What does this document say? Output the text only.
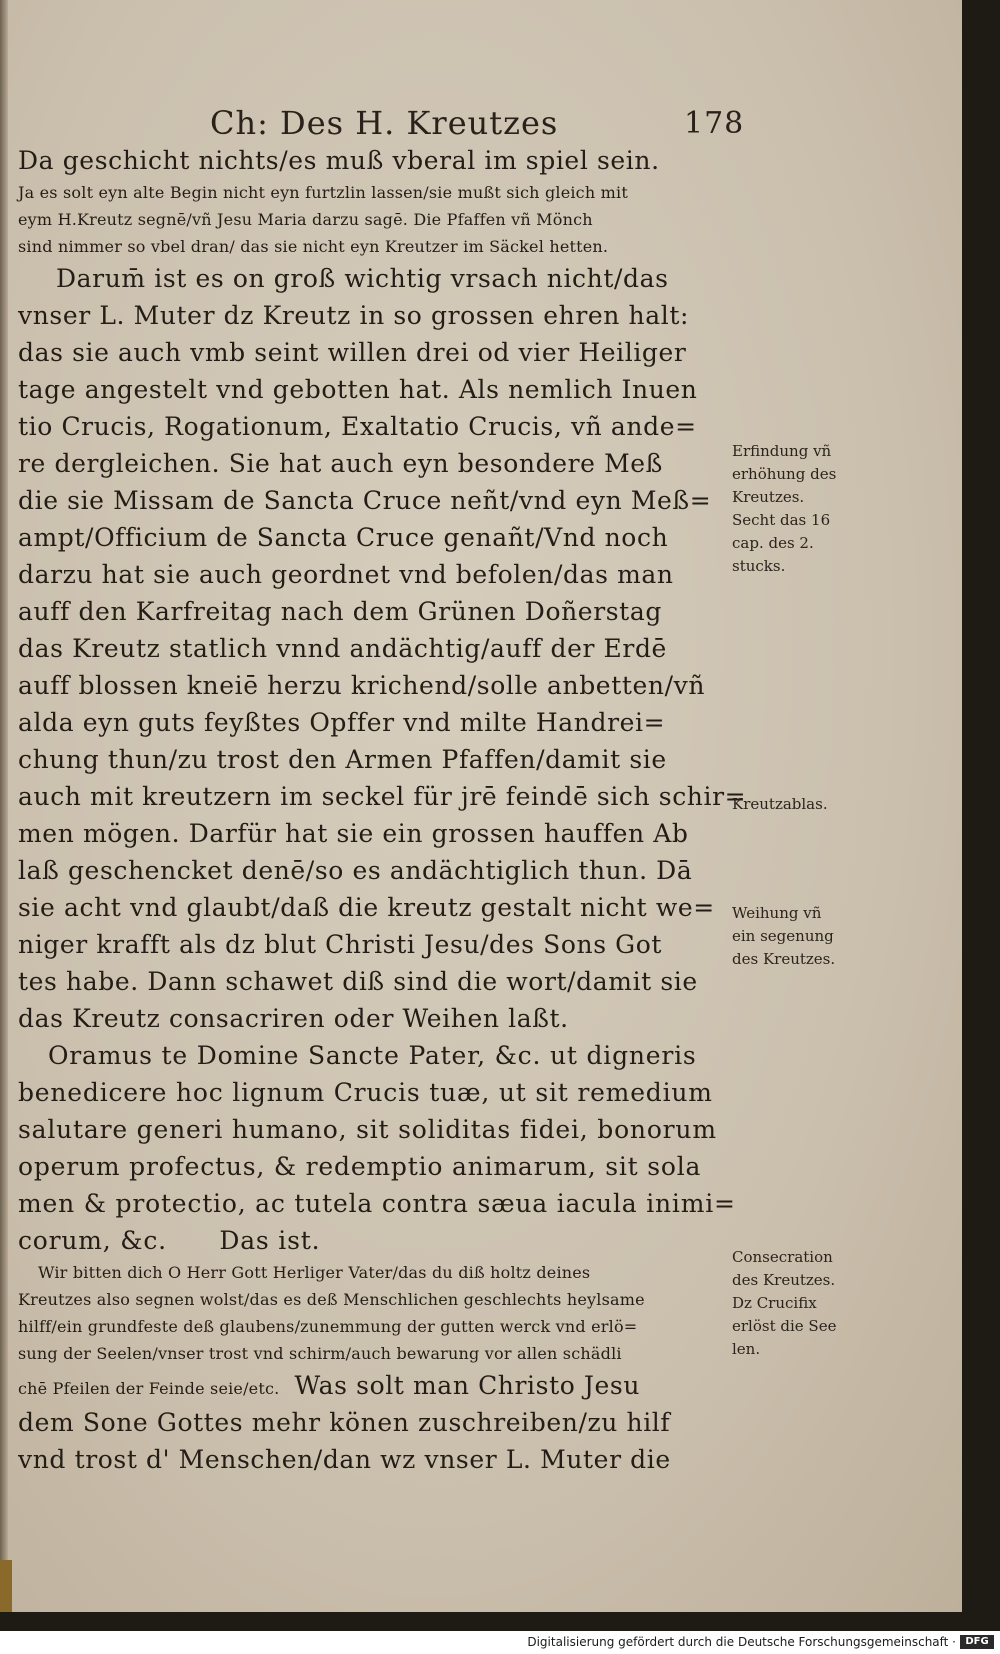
Ch: Des H. Kreutzes	178
Da geschicht nichts/es muß vberal im spiel sein.
Ja es solt eyn alte Begin nicht eyn furtzlin lassen/sie mußt sich gleich mit
eym H.Kreutz segnē/vñ Jesu Maria darzu sagē. Die Pfaffen vñ Mönch
sind nimmer so vbel dran/ das sie nicht eyn Kreutzer im Säckel hetten.
Darum̄ ist es on groß wichtig vrsach nicht/das
vnser L. Muter dz Kreutz in so grossen ehren halt:
das sie auch vmb seint willen drei od vier Heiliger
tage angestelt vnd gebotten hat. Als nemlich Inuen
tio Crucis, Rogationum, Exaltatio Crucis, vñ ande=
re dergleichen. Sie hat auch eyn besondere Meß
die sie Missam de Sancta Cruce neñt/vnd eyn Meß=
ampt/Officium de Sancta Cruce genañt/Vnd noch
darzu hat sie auch geordnet vnd befolen/das man
auff den Karfreitag nach dem Grünen Doñerstag
das Kreutz statlich vnnd andächtig/auff der Erdē
auff blossen kneiē herzu krichend/solle anbetten/vñ
alda eyn guts feyßtes Opffer vnd milte Handrei=
chung thun/zu trost den Armen Pfaffen/damit sie
auch mit kreutzern im seckel für jrē feindē sich schir=
men mögen. Darfür hat sie ein grossen hauffen Ab
laß geschencket denē/so es andächtiglich thun. Dā
sie acht vnd glaubt/daß die kreutz gestalt nicht we=
niger krafft als dz blut Christi Jesu/des Sons Got
tes habe. Dann schawet diß sind die wort/damit sie
das Kreutz consacriren oder Weihen laßt.
Oramus te Domine Sancte Pater, &c. ut digneris
benedicere hoc lignum Crucis tuæ, ut sit remedium
salutare generi humano, sit soliditas fidei, bonorum
operum profectus, & redemptio animarum, sit sola
men & protectio, ac tutela contra sæua iacula inimi=
corum, &c.      Das ist.
Wir bitten dich O Herr Gott Herliger Vater/das du diß holtz deines
Kreutzes also segnen wolst/das es deß Menschlichen geschlechts heylsame
hilff/ein grundfeste deß glaubens/zunemmung der gutten werck vnd erlö=
sung der Seelen/vnser trost vnd schirm/auch bewarung vor allen schädli
chē Pfeilen der Feinde seie/etc. Was solt man Christo Jesu
dem Sone Gottes mehr könen zuschreiben/zu hilf
vnd trost d' Menschen/dan wz vnser L. Muter die
Erfindung vñ
erhöhung des
Kreutzes.
Secht das 16
cap. des 2.
stucks.
Kreutzablas.
Weihung vñ
ein segenung
des Kreutzes.
Consecration
des Kreutzes.
Dz Crucifix
erlöst die See
len.
Digitalisierung gefördert durch die Deutsche Forschungsgemeinschaft · DFG
